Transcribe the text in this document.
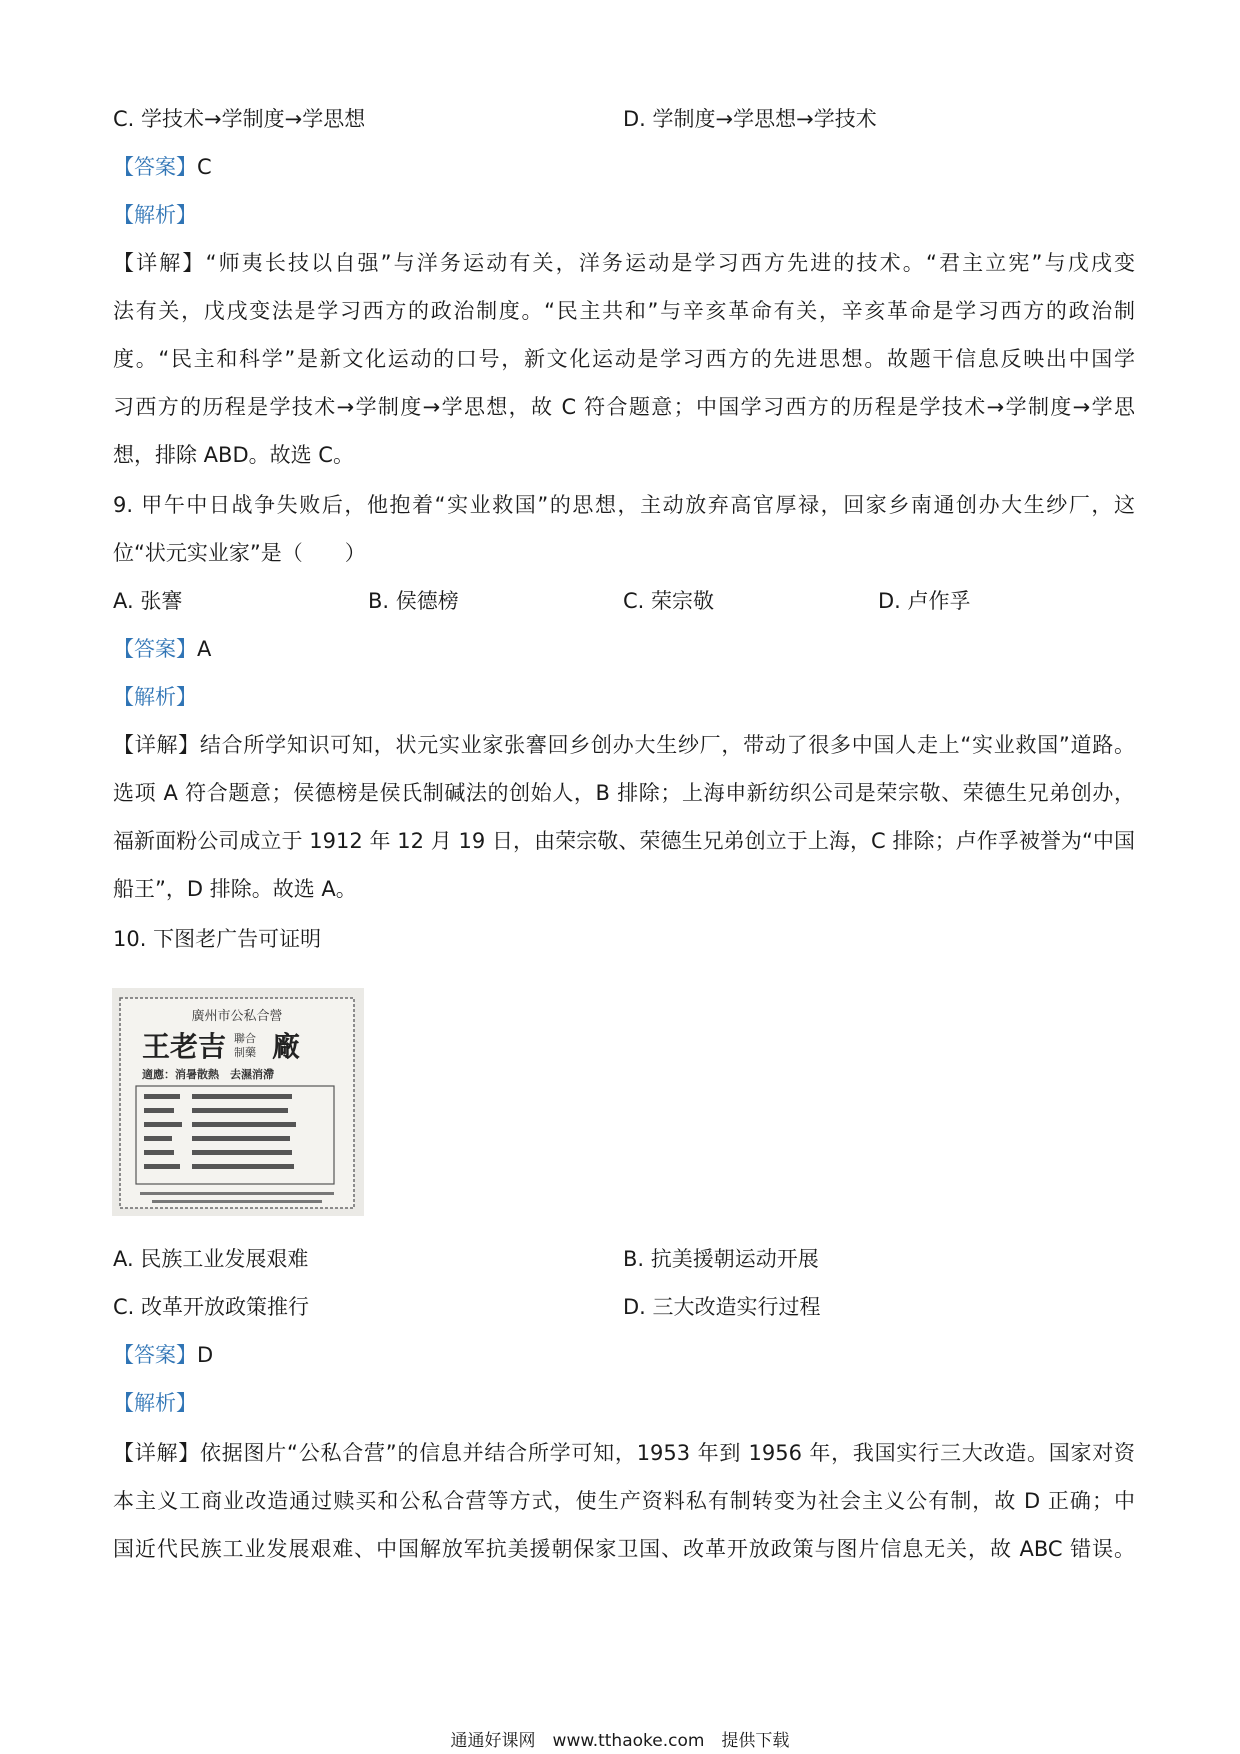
C. 学技术→学制度→学思想	D. 学制度→学思想→学技术
【答案】C
【解析】
【详解】“师夷长技以自强”与洋务运动有关，洋务运动是学习西方先进的技术。“君主立宪”与戊戌变
法有关，戊戌变法是学习西方的政治制度。“民主共和”与辛亥革命有关，辛亥革命是学习西方的政治制
度。“民主和科学”是新文化运动的口号，新文化运动是学习西方的先进思想。故题干信息反映出中国学
习西方的历程是学技术→学制度→学思想，故 C 符合题意；中国学习西方的历程是学技术→学制度→学思
想，排除 ABD。故选 C。
9. 甲午中日战争失败后，他抱着“实业救国”的思想，主动放弃高官厚禄，回家乡南通创办大生纱厂，这
位“状元实业家”是（　　）
A. 张謇	B. 侯德榜	C. 荣宗敬	D. 卢作孚
【答案】A
【解析】
【详解】结合所学知识可知，状元实业家张謇回乡创办大生纱厂，带动了很多中国人走上“实业救国”道路。
选项 A 符合题意；侯德榜是侯氏制碱法的创始人，B 排除；上海申新纺织公司是荣宗敬、荣德生兄弟创办，
福新面粉公司成立于 1912 年 12 月 19 日，由荣宗敬、荣德生兄弟创立于上海，C 排除；卢作孚被誉为“中国
船王”，D 排除。故选 A。
10. 下图老广告可证明
廣州市公私合營
王老吉 聯合
制藥 廠
適應：消暑散熱　去濕消滯
A. 民族工业发展艰难	B. 抗美援朝运动开展
C. 改革开放政策推行	D. 三大改造实行过程
【答案】D
【解析】
【详解】依据图片“公私合营”的信息并结合所学可知，1953 年到 1956 年，我国实行三大改造。国家对资
本主义工商业改造通过赎买和公私合营等方式，使生产资料私有制转变为社会主义公有制，故 D 正确；中
国近代民族工业发展艰难、中国解放军抗美援朝保家卫国、改革开放政策与图片信息无关，故 ABC 错误。
通通好课网　www.tthaoke.com　提供下载
